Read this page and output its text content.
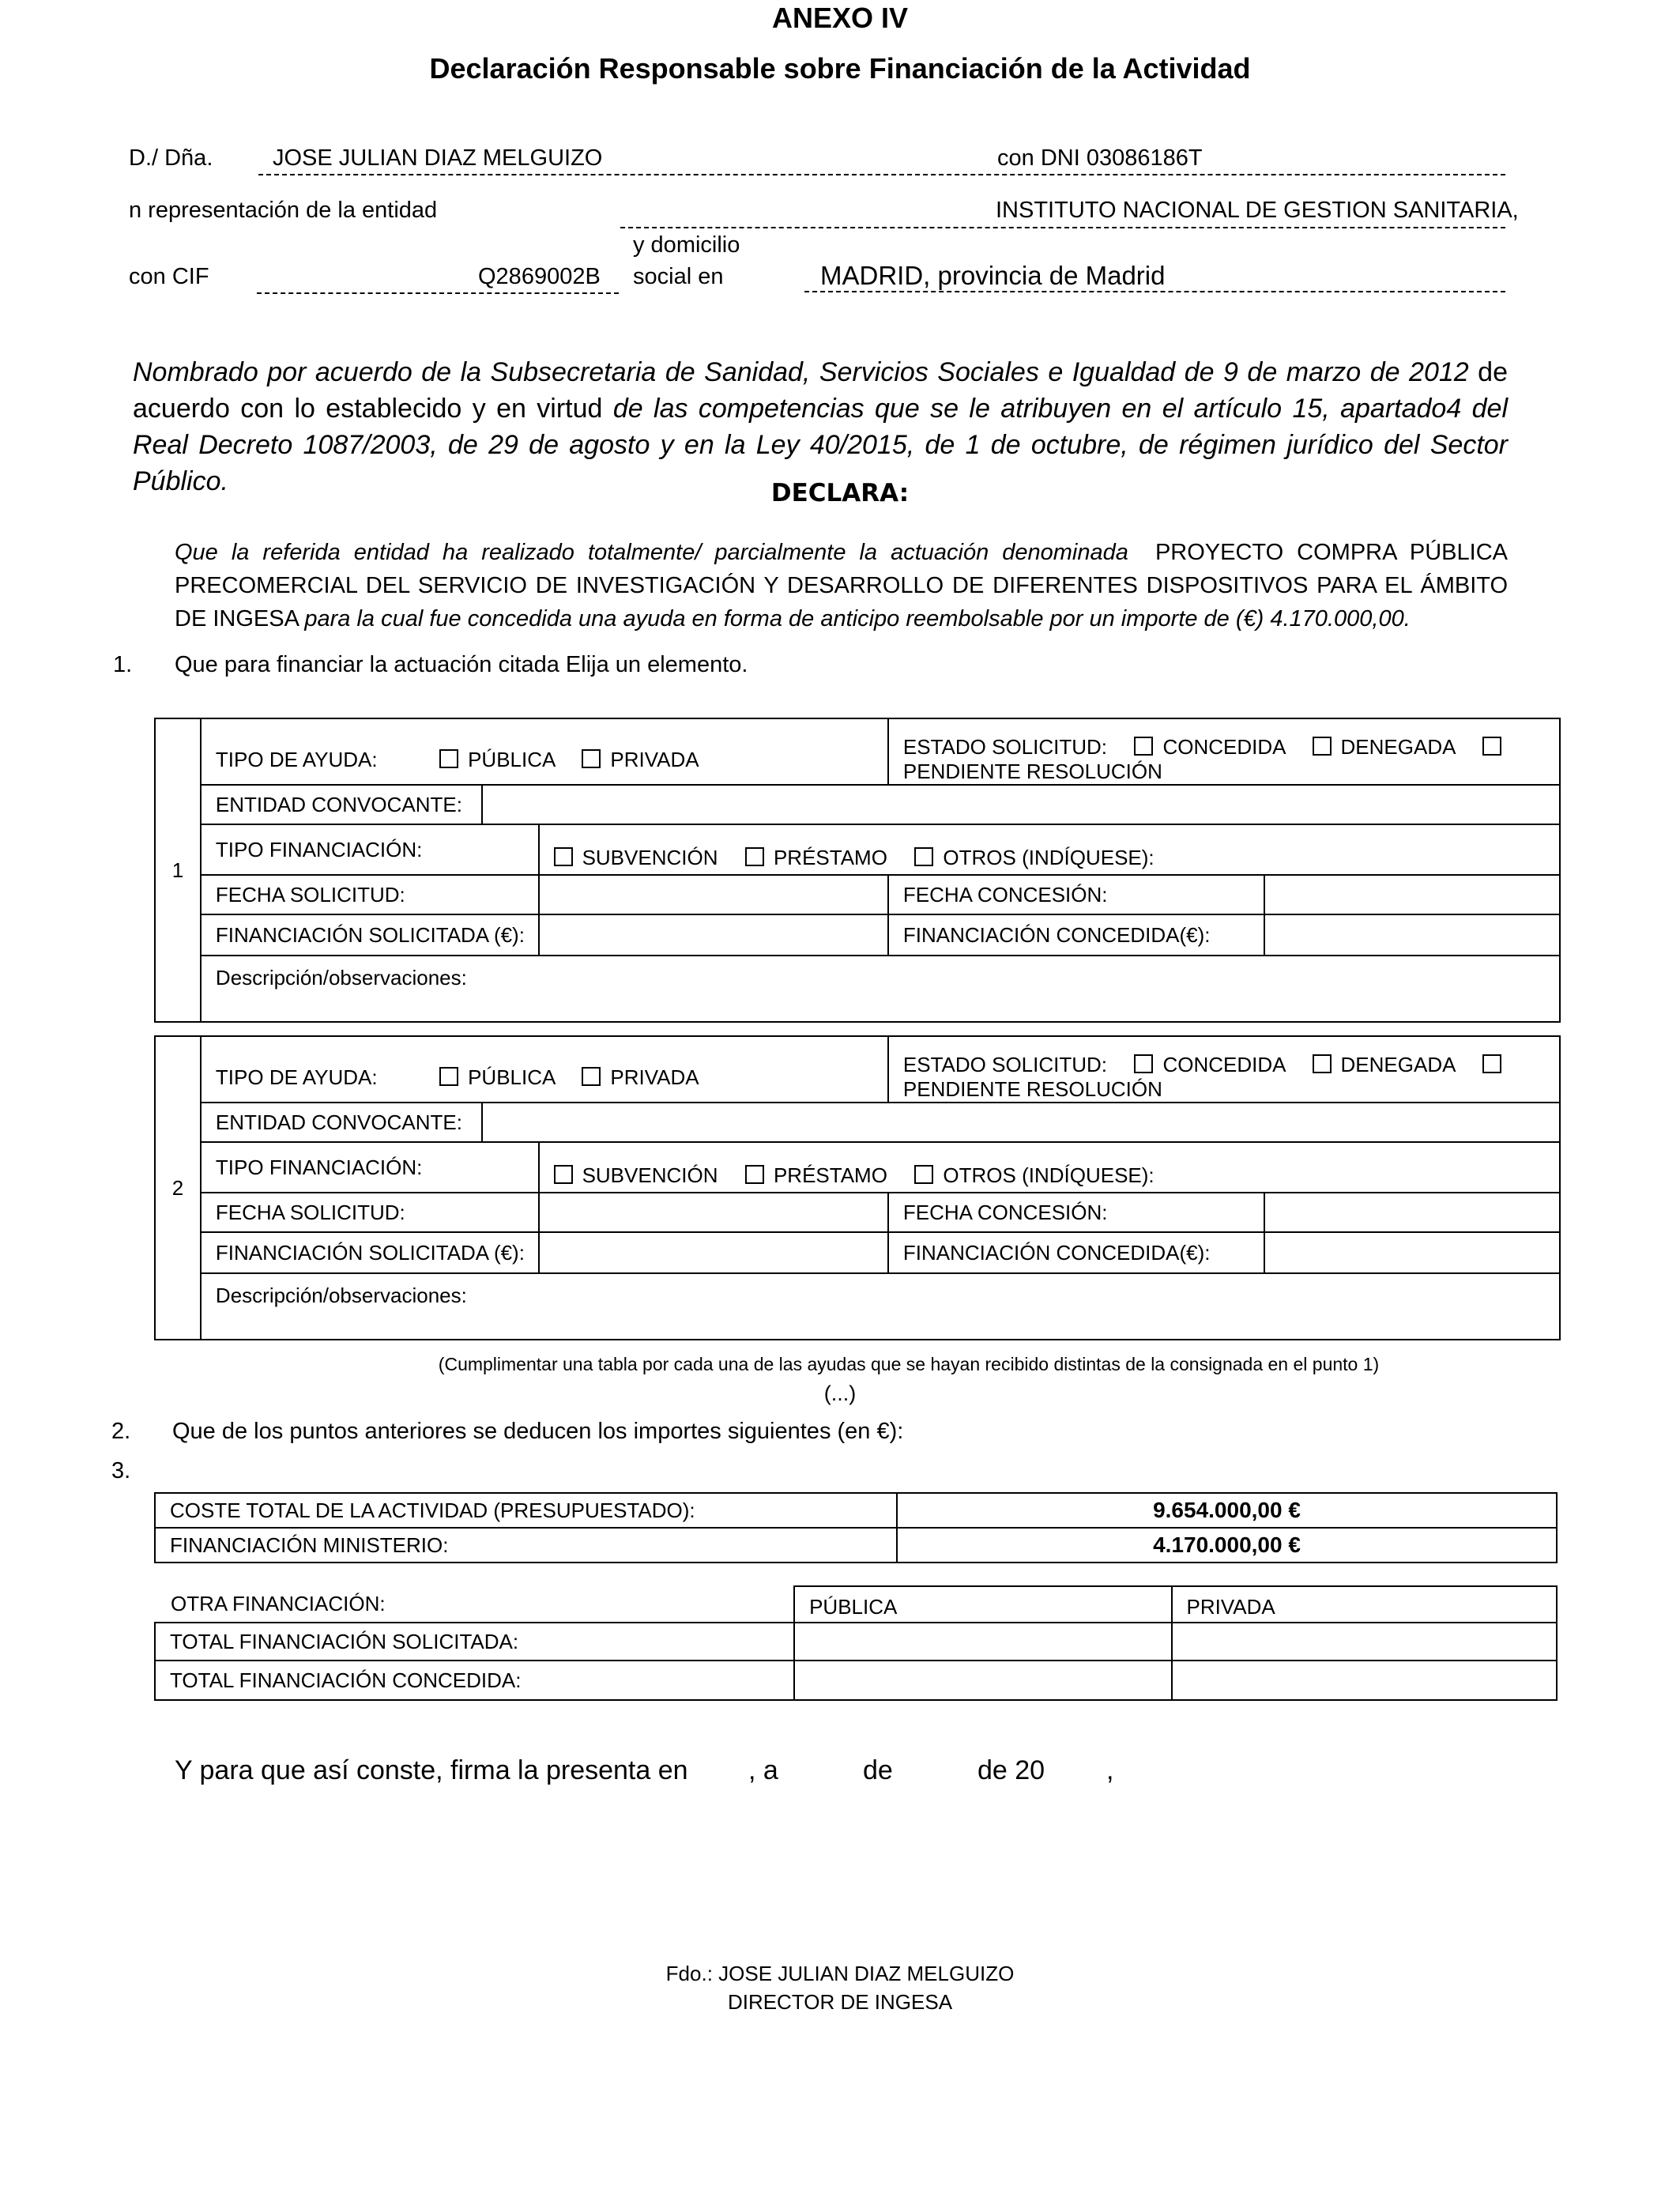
ANEXO IV
Declaración Responsable sobre Financiación de la Actividad
D./ Dña.	JOSE JULIAN DIAZ MELGUIZO	con DNI 03086186T
n representación de la entidad	INSTITUTO NACIONAL DE GESTION SANITARIA,
con CIF	Q2869002B
y domicilio
social en	MADRID, provincia de Madrid
Nombrado por acuerdo de la Subsecretaria de Sanidad, Servicios Sociales e Igualdad de 9 de marzo de 2012 de acuerdo con lo establecido y en virtud de las competencias que se le atribuyen en el artículo 15, apartado4 del Real Decreto 1087/2003, de 29 de agosto y en la Ley 40/2015, de 1 de octubre, de régimen jurídico del Sector Público.	DECLARA:
Que la referida entidad ha realizado totalmente/ parcialmente la actuación denominada PROYECTO COMPRA PÚBLICA PRECOMERCIAL DEL SERVICIO DE INVESTIGACIÓN Y DESARROLLO DE DIFERENTES DISPOSITIVOS PARA EL ÁMBITO DE INGESA para la cual fue concedida una ayuda en forma de anticipo reembolsable por un importe de (€) 4.170.000,00.
1. Que para financiar la actuación citada Elija un elemento.
1	TIPO DE AYUDA: PÚBLICA PRIVADA			ESTADO SOLICITUD: CONCEDIDA DENEGADA  PENDIENTE RESOLUCIÓN	
	ENTIDAD CONVOCANTE:				
	TIPO FINANCIACIÓN:		SUBVENCIÓN PRÉSTAMO OTROS (INDÍQUESE):		
	FECHA SOLICITUD:			FECHA CONCESIÓN:	
	FINANCIACIÓN SOLICITADA (€):			FINANCIACIÓN CONCEDIDA(€):	
	Descripción/observaciones:				
2	TIPO DE AYUDA: PÚBLICA PRIVADA			ESTADO SOLICITUD: CONCEDIDA DENEGADA  PENDIENTE RESOLUCIÓN	
	ENTIDAD CONVOCANTE:				
	TIPO FINANCIACIÓN:		SUBVENCIÓN PRÉSTAMO OTROS (INDÍQUESE):		
	FECHA SOLICITUD:			FECHA CONCESIÓN:	
	FINANCIACIÓN SOLICITADA (€):			FINANCIACIÓN CONCEDIDA(€):	
	Descripción/observaciones:				
(Cumplimentar una tabla por cada una de las ayudas que se hayan recibido distintas de la consignada en el punto 1)
(...)
2. Que de los puntos anteriores se deducen los importes siguientes (en €):
3.
COSTE TOTAL DE LA ACTIVIDAD (PRESUPUESTADO):	9.654.000,00 €
FINANCIACIÓN MINISTERIO:	4.170.000,00 €
OTRA FINANCIACIÓN:	PÚBLICA	PRIVADA
TOTAL FINANCIACIÓN SOLICITADA:		
TOTAL FINANCIACIÓN CONCEDIDA:		
Y para que así conste, firma la presenta en , a	de	de 20 ,
Fdo.: JOSE JULIAN DIAZ MELGUIZO
DIRECTOR DE INGESA
